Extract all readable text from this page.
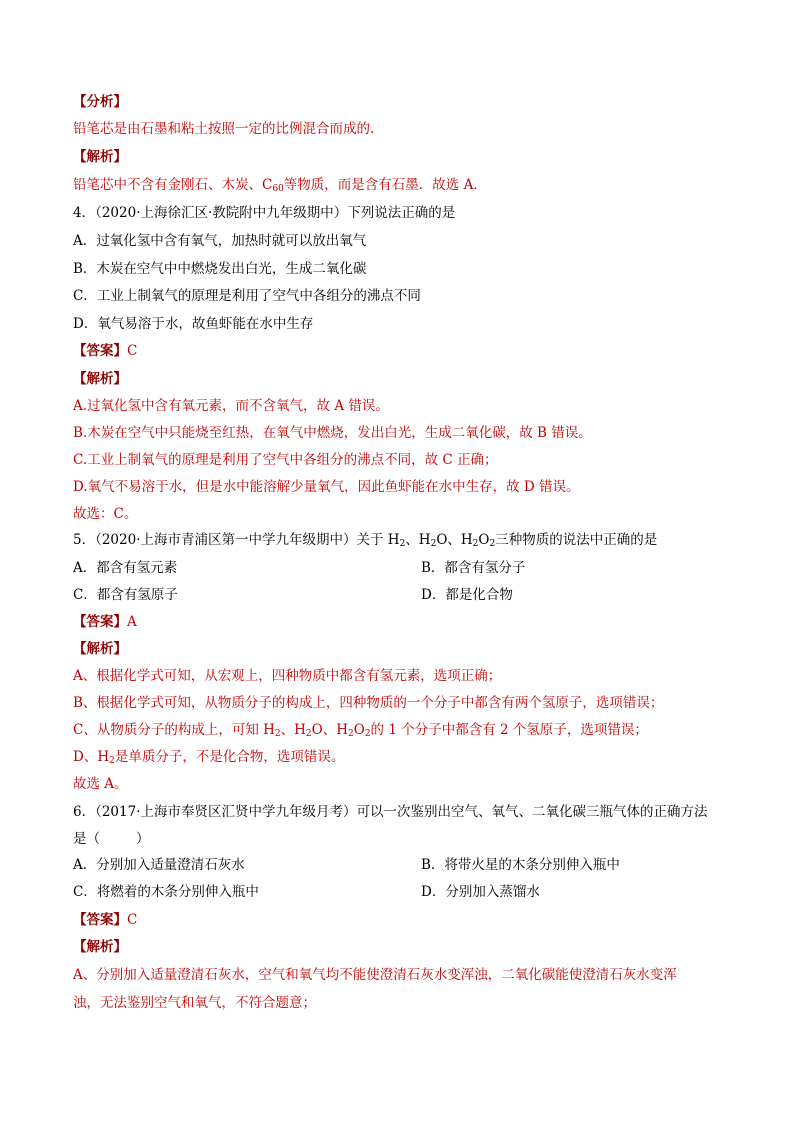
【分析】
铅笔芯是由石墨和粘土按照一定的比例混合而成的.
【解析】
铅笔芯中不含有金刚石、木炭、$C_{60}$等物质，而是含有石墨．故选 A．
4．（2020·上海徐汇区·教院附中九年级期中）下列说法正确的是
A．过氧化氢中含有氧气，加热时就可以放出氧气
B．木炭在空气中中燃烧发出白光，生成二氧化碳
C．工业上制氧气的原理是利用了空气中各组分的沸点不同
D．氧气易溶于水，故鱼虾能在水中生存
【答案】C
【解析】
A.过氧化氢中含有氧元素，而不含氧气，故 A 错误。
B.木炭在空气中只能烧至红热，在氧气中燃烧，发出白光，生成二氧化碳，故 B 错误。
C.工业上制氧气的原理是利用了空气中各组分的沸点不同，故 C 正确；
D.氧气不易溶于水，但是水中能溶解少量氧气，因此鱼虾能在水中生存，故 D 错误。
故选：C。
5．（2020·上海市青浦区第一中学九年级期中）关于 $H_2$、$H_2O$、$H_2O_2$三种物质的说法中正确的是
A．都含有氢元素	B．都含有氢分子
C．都含有氢原子	D．都是化合物
【答案】A
【解析】
A、根据化学式可知，从宏观上，四种物质中都含有氢元素，选项正确；
B、根据化学式可知，从物质分子的构成上，四种物质的一个分子中都含有两个氢原子，选项错误；
C、从物质分子的构成上，可知 $H_2$、$H_2O$、$H_2O_2$的 1 个分子中都含有 2 个氢原子，选项错误；
D、$H_2$是单质分子，不是化合物，选项错误。
故选 A。
6．（2017·上海市奉贤区汇贤中学九年级月考）可以一次鉴别出空气、氧气、二氧化碳三瓶气体的正确方法
是（	）
A．分别加入适量澄清石灰水	B．将带火星的木条分别伸入瓶中
C．将燃着的木条分别伸入瓶中	D．分别加入蒸馏水
【答案】C
【解析】
A、分别加入适量澄清石灰水，空气和氧气均不能使澄清石灰水变浑浊，二氧化碳能使澄清石灰水变浑
浊，无法鉴别空气和氧气，不符合题意；
